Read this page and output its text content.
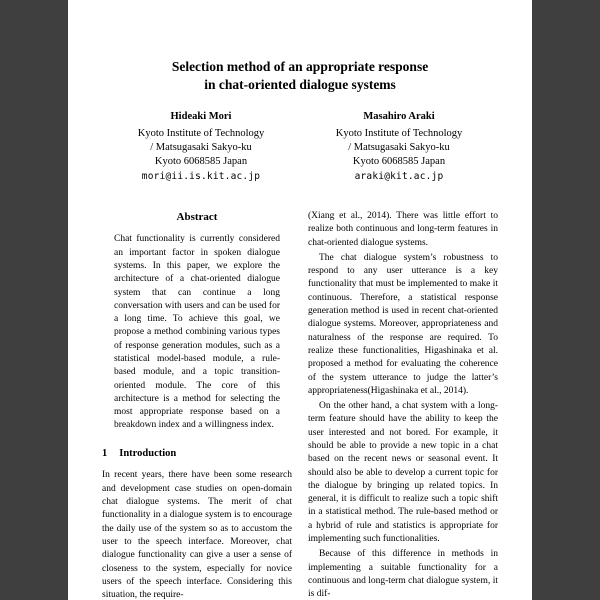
Selection method of an appropriate response
in chat-oriented dialogue systems
Hideaki Mori
Kyoto Institute of Technology
/ Matsugasaki Sakyo-ku
Kyoto 6068585 Japan
mori@ii.is.kit.ac.jp
Masahiro Araki
Kyoto Institute of Technology
/ Matsugasaki Sakyo-ku
Kyoto 6068585 Japan
araki@kit.ac.jp
Abstract
Chat functionality is currently considered an important factor in spoken dialogue systems. In this paper, we explore the architecture of a chat-oriented dialogue system that can continue a long conversation with users and can be used for a long time. To achieve this goal, we propose a method combining various types of response generation modules, such as a statistical model-based module, a rule-based module, and a topic transition-oriented module. The core of this architecture is a method for selecting the most appropriate response based on a breakdown index and a willingness index.
1 Introduction

In recent years, there have been some research and development case studies on open-domain chat dialogue systems. The merit of chat functionality in a dialogue system is to encourage the daily use of the system so as to accustom the user to the speech interface. Moreover, chat dialogue functionality can give a user a sense of closeness to the system, especially for novice users of the speech interface. Considering this situation, the require-

(Xiang et al., 2014). There was little effort to realize both continuous and long-term features in chat-oriented dialogue systems.

The chat dialogue system’s robustness to respond to any user utterance is a key functionality that must be implemented to make it continuous. Therefore, a statistical response generation method is used in recent chat-oriented dialogue systems. Moreover, appropriateness and naturalness of the response are required. To realize these functionalities, Higashinaka et al. proposed a method for evaluating the coherence of the system utterance to judge the latter’s appropriateness(Higashinaka et al., 2014).

On the other hand, a chat system with a long-term feature should have the ability to keep the user interested and not bored. For example, it should be able to provide a new topic in a chat based on the recent news or seasonal event. It should also be able to develop a current topic for the dialogue by bringing up related topics. In general, it is difficult to realize such a topic shift in a statistical method. The rule-based method or a hybrid of rule and statistics is appropriate for implementing such functionalities.

Because of this difference in methods in implementing a suitable functionality for a continuous and long-term chat dialogue system, it is dif-
